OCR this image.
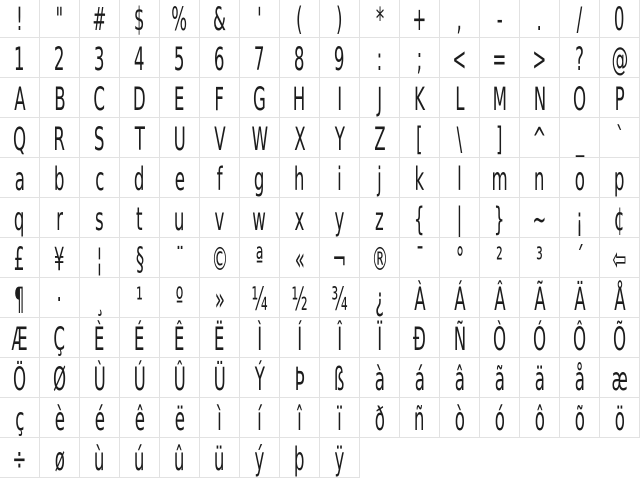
! " # $ % & ' ( ) * + , - . / 0
1 2 3 4 5 6 7 8 9 : ; < = > ? @
A B C D E F G H I J K L M N O P
Q R S T U V W X Y Z [ \ ] ^ _ `
a b c d e f g h i j k l m n o p
q r s t u v w x y z { | } ~ ¡ ¢
£ ¥ ¦ § ¨ © ª « ¬ ® ¯ ° ² ³ ´ ⇦
¶ · ¸ ¹ º » ¼ ½ ¾ ¿ À Á Â Ã Ä Å
Æ Ç È É Ê Ë Ì Í Î Ï Ð Ñ Ò Ó Ô Õ
Ö Ø Ù Ú Û Ü Ý Þ ß à á â ã ä å æ
ç è é ê ë ì í î ï ð ñ ò ó ô õ ö
÷ ø ù ú û ü ý þ ÿ
